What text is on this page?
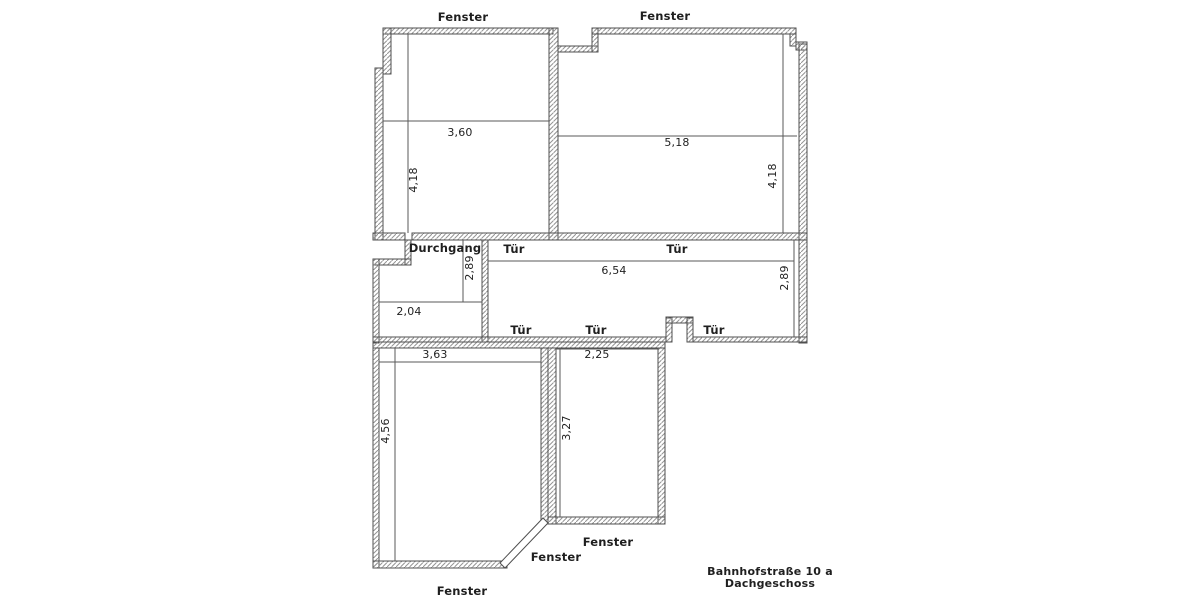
Fenster	Fenster
Fenster
Fenster
Fenster
Durchgang Tür	Tür
Tür	Tür	Tür
3,60
4,18
5,18
4,18
2,89	6,54	2,89
2,04
3,63
4,56
2,25
3,27
Bahnhofstraße 10 a
Dachgeschoss
